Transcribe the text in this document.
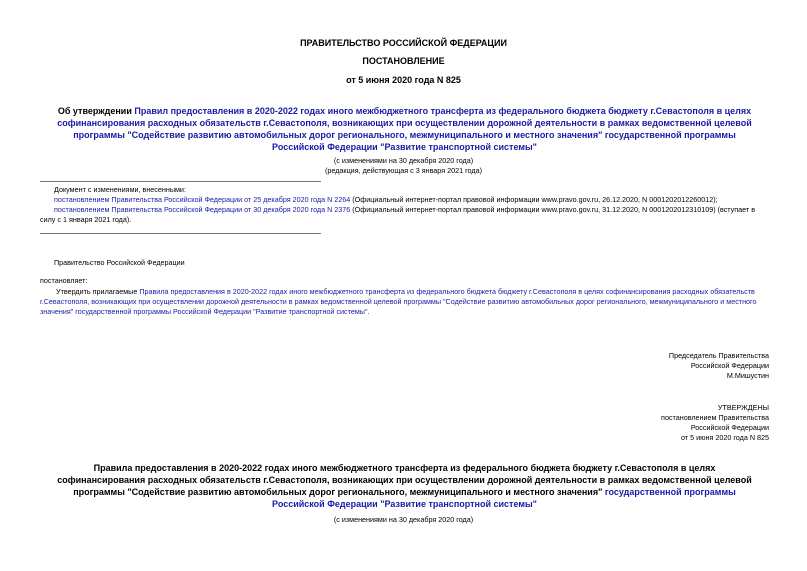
ПРАВИТЕЛЬСТВО РОССИЙСКОЙ ФЕДЕРАЦИИ
ПОСТАНОВЛЕНИЕ
от 5 июня 2020 года N 825
Об утверждении Правил предоставления в 2020-2022 годах иного межбюджетного трансферта из федерального бюджета бюджету г.Севастополя в целях софинансирования расходных обязательств г.Севастополя, возникающих при осуществлении дорожной деятельности в рамках ведомственной целевой программы "Содействие развитию автомобильных дорог регионального, межмуниципального и местного значения" государственной программы Российской Федерации "Развитие транспортной системы"
(с изменениями на 30 декабря 2020 года)
(редакция, действующая с 3 января 2021 года)
Документ с изменениями, внесенными:
постановлением Правительства Российской Федерации от 25 декабря 2020 года N 2264 (Официальный интернет-портал правовой информации www.pravo.gov.ru, 26.12.2020, N 0001202012260012);
постановлением Правительства Российской Федерации от 30 декабря 2020 года N 2376 (Официальный интернет-портал правовой информации www.pravo.gov.ru, 31.12.2020, N 0001202012310109) (вступает в силу с 1 января 2021 года).
Правительство Российской Федерации
постановляет:
Утвердить прилагаемые Правила предоставления в 2020-2022 годах иного межбюджетного трансферта из федерального бюджета бюджету г.Севастополя в целях софинансирования расходных обязательств г.Севастополя, возникающих при осуществлении дорожной деятельности в рамках ведомственной целевой программы "Содействие развитию автомобильных дорог регионального, межмуниципального и местного значения" государственной программы Российской Федерации "Развитие транспортной системы".
Председатель Правительства
Российской Федерации
М.Мишустин
УТВЕРЖДЕНЫ
постановлением Правительства
Российской Федерации
от 5 июня 2020 года N 825
Правила предоставления в 2020-2022 годах иного межбюджетного трансферта из федерального бюджета бюджету г.Севастополя в целях софинансирования расходных обязательств г.Севастополя, возникающих при осуществлении дорожной деятельности в рамках ведомственной целевой программы "Содействие развитию автомобильных дорог регионального, межмуниципального и местного значения" государственной программы Российской Федерации "Развитие транспортной системы"
(с изменениями на 30 декабря 2020 года)
